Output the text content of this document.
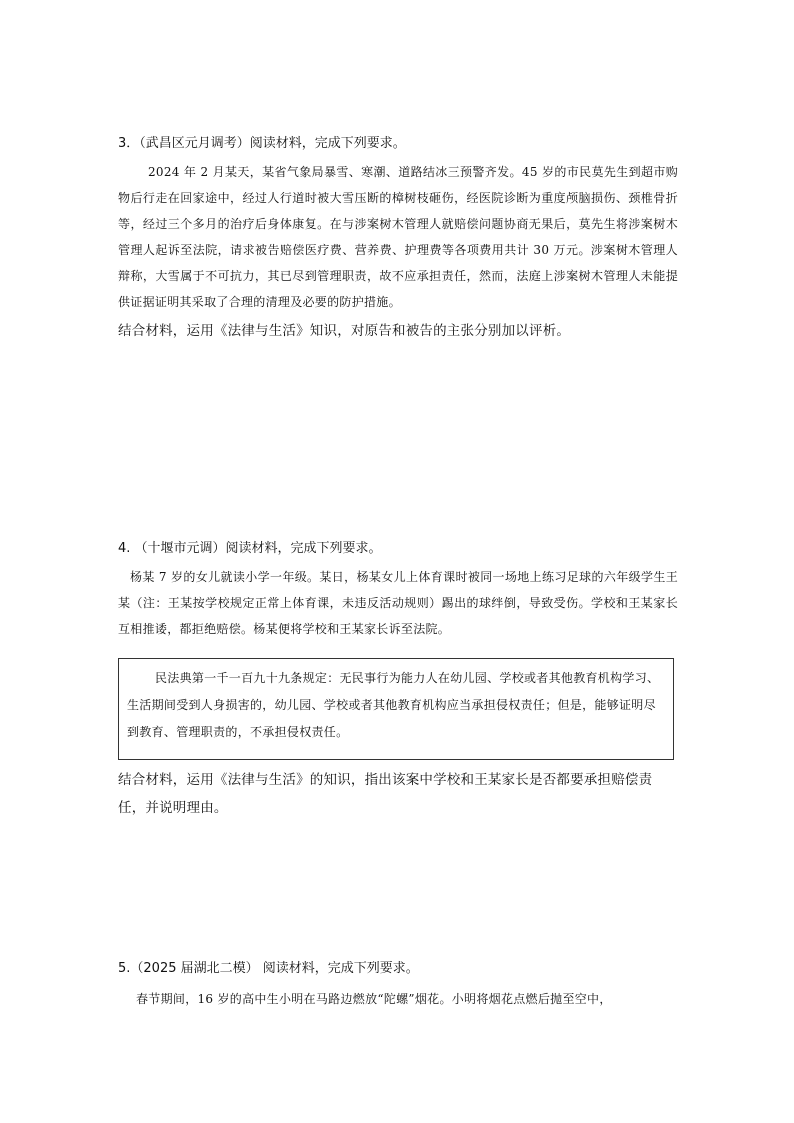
3．（武昌区元月调考）阅读材料，完成下列要求。
2024 年 2 月某天，某省气象局暴雪、寒潮、道路结冰三预警齐发。45 岁的市民莫先生到超市购物后行走在回家途中，经过人行道时被大雪压断的樟树枝砸伤，经医院诊断为重度颅脑损伤、颈椎骨折等，经过三个多月的治疗后身体康复。在与涉案树木管理人就赔偿问题协商无果后，莫先生将涉案树木管理人起诉至法院，请求被告赔偿医疗费、营养费、护理费等各项费用共计 30 万元。涉案树木管理人辩称，大雪属于不可抗力，其已尽到管理职责，故不应承担责任，然而，法庭上涉案树木管理人未能提供证据证明其采取了合理的清理及必要的防护措施。
结合材料，运用《法律与生活》知识，对原告和被告的主张分别加以评析。
4. （十堰市元调）阅读材料，完成下列要求。
杨某 7 岁的女儿就读小学一年级。某日，杨某女儿上体育课时被同一场地上练习足球的六年级学生王某（注：王某按学校规定正常上体育课，未违反活动规则）踢出的球绊倒，导致受伤。学校和王某家长互相推诿，都拒绝赔偿。杨某便将学校和王某家长诉至法院。

民法典第一千一百九十九条规定：无民事行为能力人在幼儿园、学校或者其他教育机构学习、生活期间受到人身损害的，幼儿园、学校或者其他教育机构应当承担侵权责任；但是，能够证明尽到教育、管理职责的，不承担侵权责任。

结合材料，运用《法律与生活》的知识，指出该案中学校和王某家长是否都要承担赔偿责任，并说明理由。
5.（2025 届湖北二模） 阅读材料，完成下列要求。
春节期间，16 岁的高中生小明在马路边燃放“陀螺”烟花。小明将烟花点燃后抛至空中，
